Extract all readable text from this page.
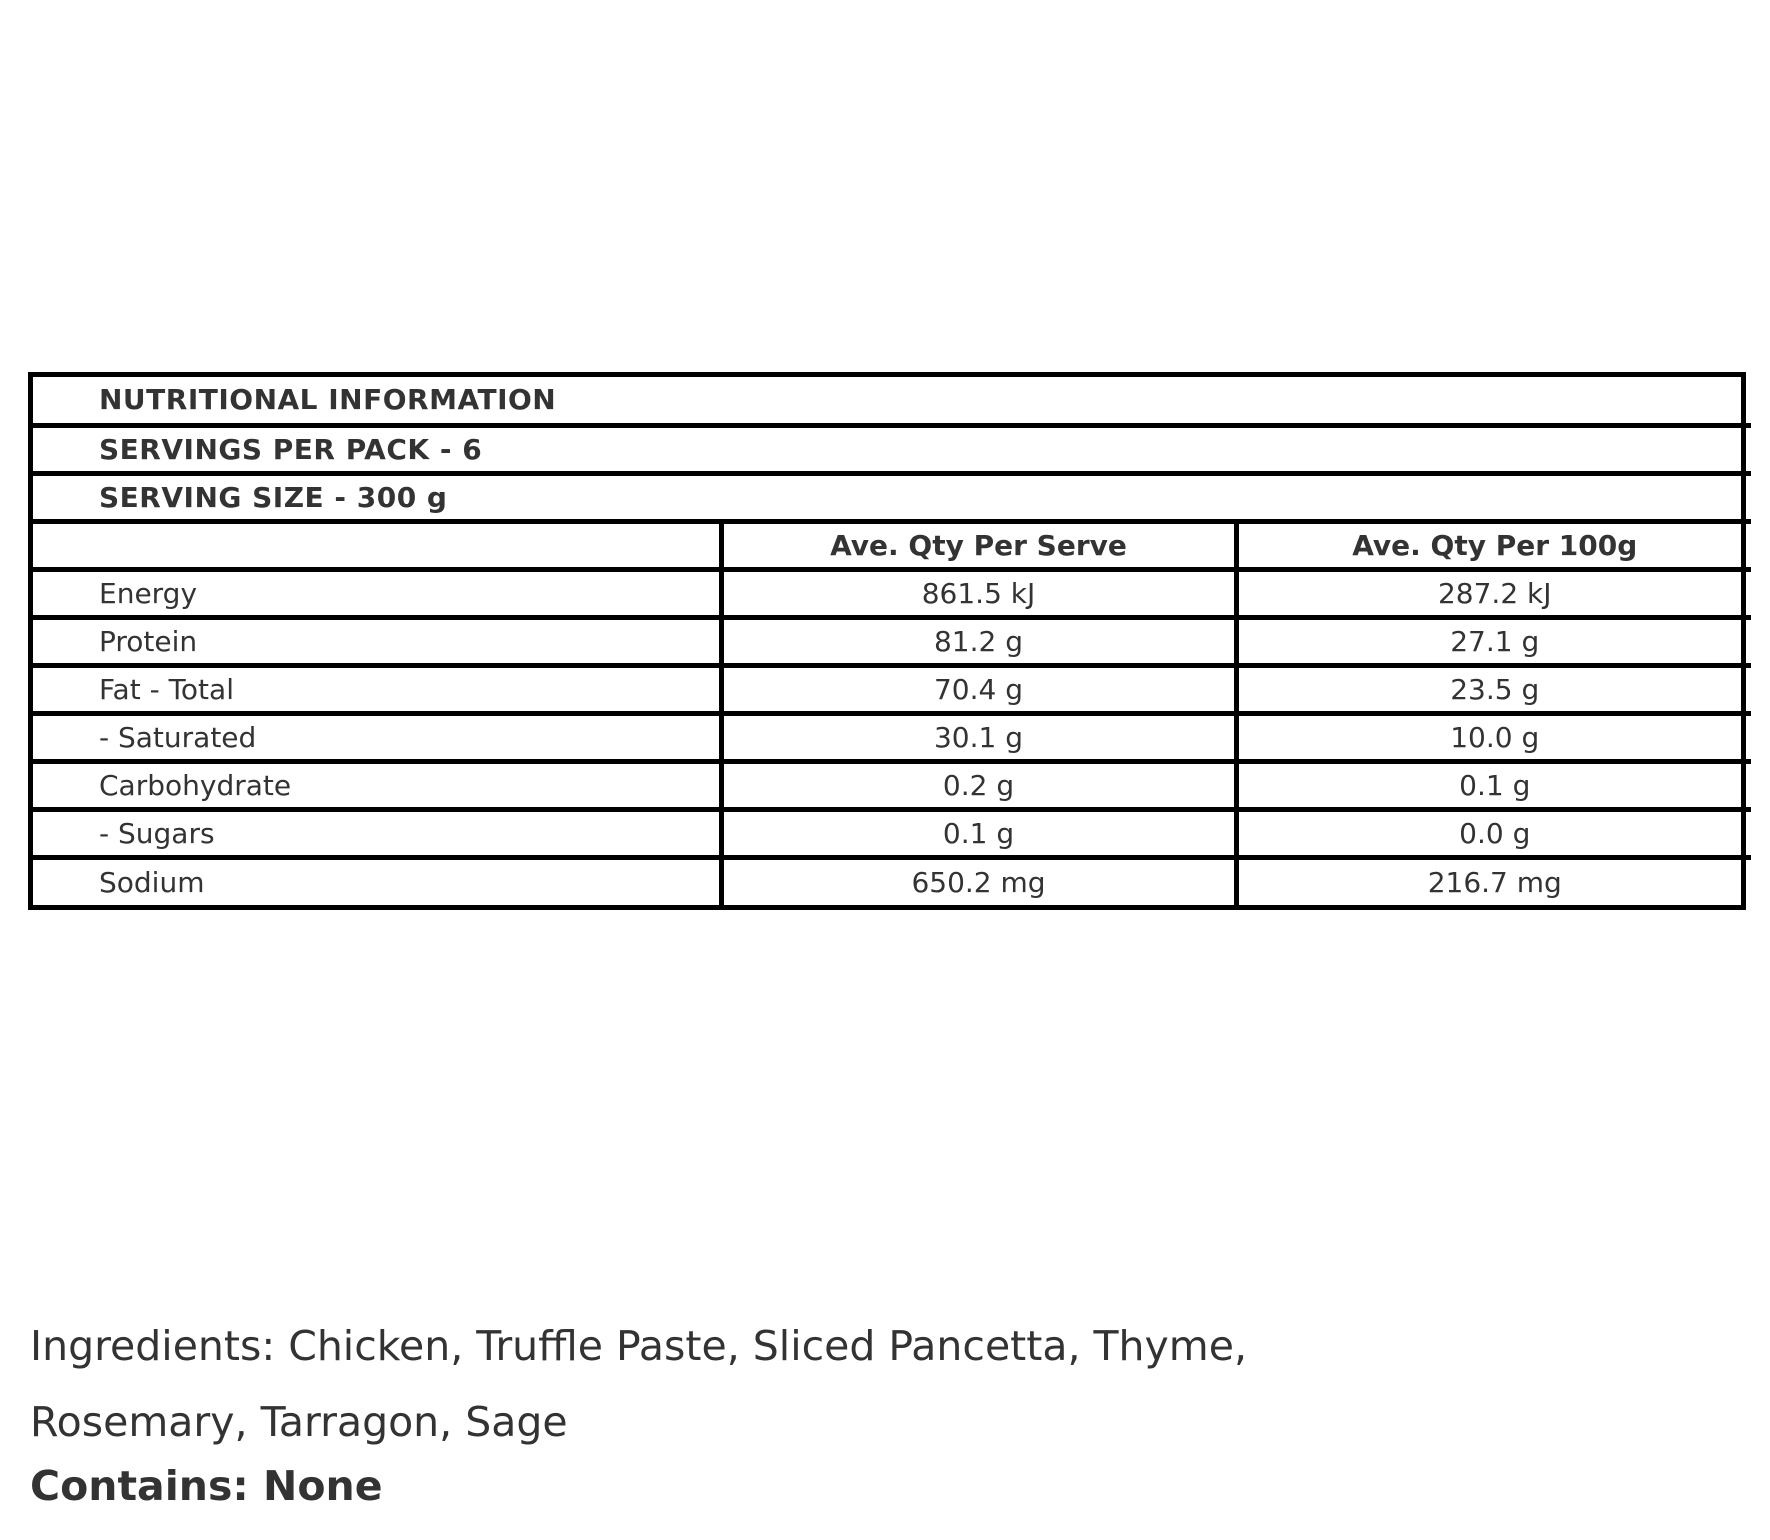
NUTRITIONAL INFORMATION		
SERVINGS PER PACK - 6		
SERVING SIZE - 300 g		
	Ave. Qty Per Serve	Ave. Qty Per 100g
Energy	861.5 kJ	287.2 kJ
Protein	81.2 g	27.1 g
Fat - Total	70.4 g	23.5 g
- Saturated	30.1 g	10.0 g
Carbohydrate	0.2 g	0.1 g
- Sugars	0.1 g	0.0 g
Sodium	650.2 mg	216.7 mg

Ingredients: Chicken, Truffle Paste, Sliced Pancetta, Thyme, Rosemary, Tarragon, Sage

Contains: None
